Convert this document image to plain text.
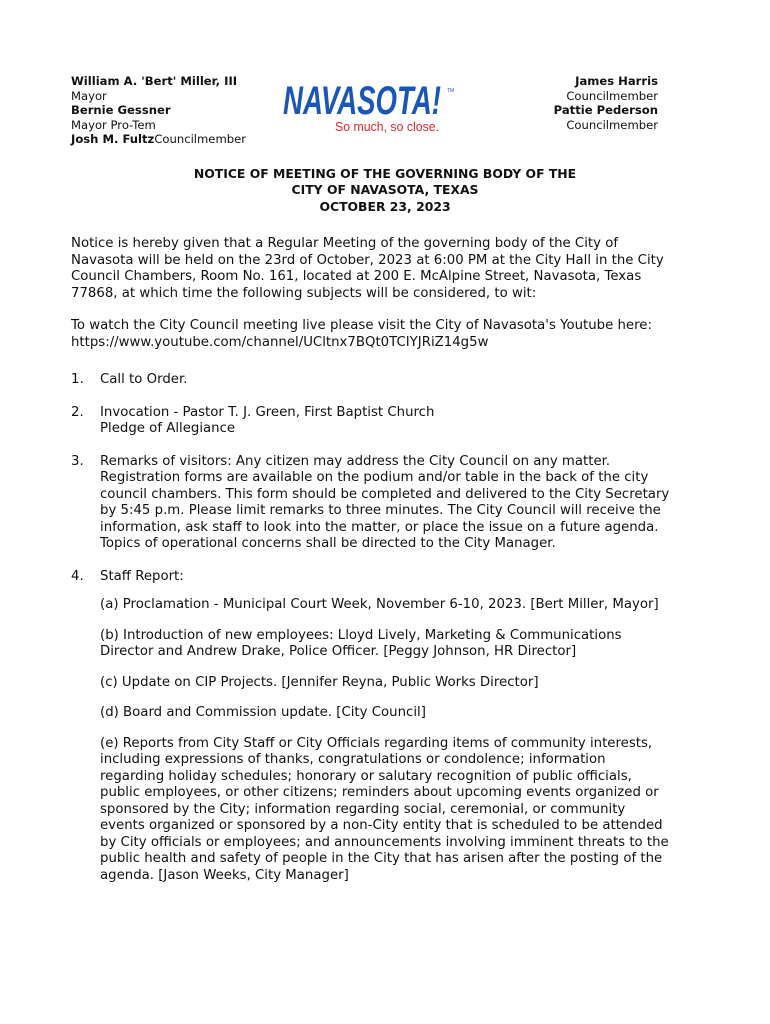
William A. 'Bert' Miller, III
Mayor
Bernie Gessner
Mayor Pro-Tem
Josh M. FultzCouncilmember
NAVASOTA! TM
So much, so close.
James Harris
Councilmember
Pattie Pederson
Councilmember
NOTICE OF MEETING OF THE GOVERNING BODY OF THE
CITY OF NAVASOTA, TEXAS
OCTOBER 23, 2023
Notice is hereby given that a Regular Meeting of the governing body of the City of Navasota will be held on the 23rd of October, 2023 at 6:00 PM at the City Hall in the City Council Chambers, Room No. 161, located at 200 E. McAlpine Street, Navasota, Texas 77868, at which time the following subjects will be considered, to wit:
To watch the City Council meeting live please visit the City of Navasota's Youtube here: https://www.youtube.com/channel/UCltnx7BQt0TCIYJRiZ14g5w
1. Call to Order.
2. Invocation - Pastor T. J. Green, First Baptist Church
Pledge of Allegiance
3. Remarks of visitors: Any citizen may address the City Council on any matter. Registration forms are available on the podium and/or table in the back of the city council chambers. This form should be completed and delivered to the City Secretary by 5:45 p.m. Please limit remarks to three minutes. The City Council will receive the information, ask staff to look into the matter, or place the issue on a future agenda. Topics of operational concerns shall be directed to the City Manager.
4. Staff Report:
(a) Proclamation - Municipal Court Week, November 6-10, 2023. [Bert Miller, Mayor]
(b) Introduction of new employees: Lloyd Lively, Marketing & Communications Director and Andrew Drake, Police Officer. [Peggy Johnson, HR Director]
(c) Update on CIP Projects. [Jennifer Reyna, Public Works Director]
(d) Board and Commission update. [City Council]
(e) Reports from City Staff or City Officials regarding items of community interests, including expressions of thanks, congratulations or condolence; information regarding holiday schedules; honorary or salutary recognition of public officials, public employees, or other citizens; reminders about upcoming events organized or sponsored by the City; information regarding social, ceremonial, or community events organized or sponsored by a non-City entity that is scheduled to be attended by City officials or employees; and announcements involving imminent threats to the public health and safety of people in the City that has arisen after the posting of the agenda. [Jason Weeks, City Manager]
